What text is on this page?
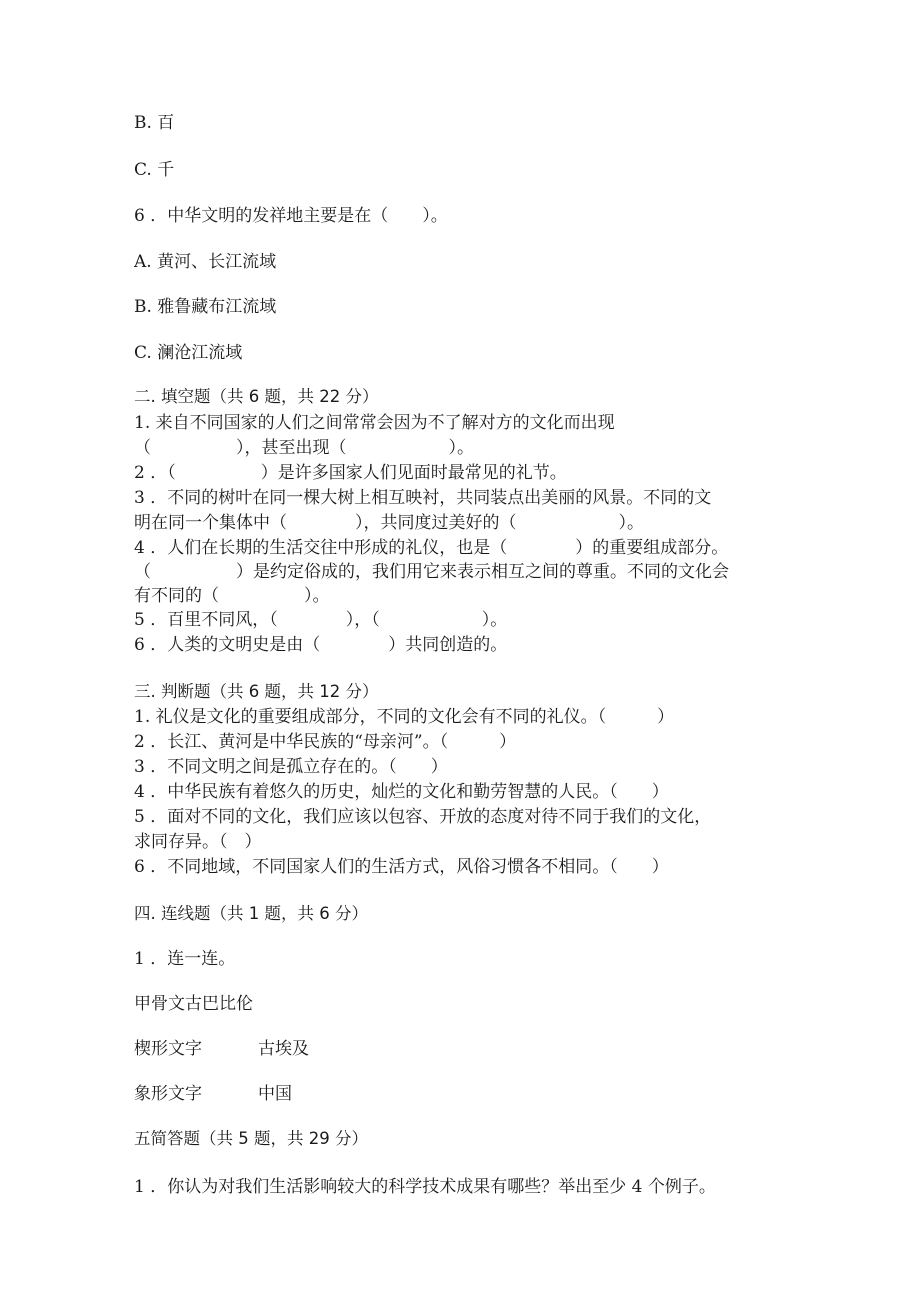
B. 百
C. 千
6 ．中华文明的发祥地主要是在（　　）。
A. 黄河、长江流域
B. 雅鲁藏布江流域
C. 澜沧江流域
二. 填空题（共 6 题，共 22 分）
1. 来自不同国家的人们之间常常会因为不了解对方的文化而出现
（　　　　　），甚至出现（　　　　　　）。
2 ．（　　　　　）是许多国家人们见面时最常见的礼节。
3 ．不同的树叶在同一棵大树上相互映衬，共同装点出美丽的风景。不同的文
明在同一个集体中（　　　　），共同度过美好的（　　　　　　）。
4 ．人们在长期的生活交往中形成的礼仪，也是（　　　　）的重要组成部分。
（　　　　　）是约定俗成的，我们用它来表示相互之间的尊重。不同的文化会
有不同的（　　　　　）。
5 ．百里不同风，（　　　　），（　　　　　　）。
6 ．人类的文明史是由（　　　　）共同创造的。
三. 判断题（共 6 题，共 12 分）
1. 礼仪是文化的重要组成部分，不同的文化会有不同的礼仪。（　　　）
2 ．长江、黄河是中华民族的“母亲河”。（　　　）
3 ．不同文明之间是孤立存在的。（　　）
4 ．中华民族有着悠久的历史，灿烂的文化和勤劳智慧的人民。（　　）
5 ．面对不同的文化，我们应该以包容、开放的态度对待不同于我们的文化，
求同存异。（　）
6 ．不同地域，不同国家人们的生活方式，风俗习惯各不相同。（　　）
四. 连线题（共 1 题，共 6 分）
1 ．连一连。
甲骨文古巴比伦
楔形文字	古埃及
象形文字	中国
五简答题（共 5 题，共 29 分）
1 ．你认为对我们生活影响较大的科学技术成果有哪些？举出至少 4 个例子。
